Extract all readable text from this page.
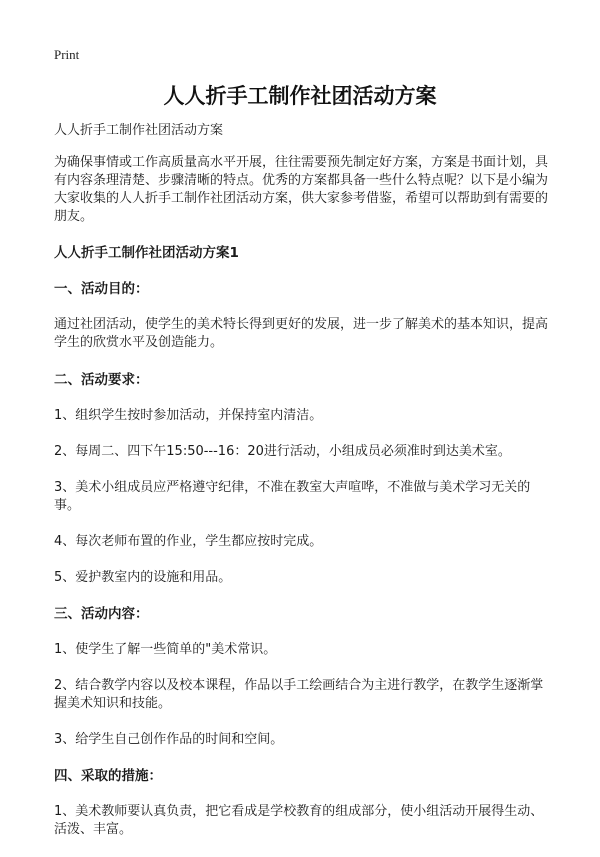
Print
人人折手工制作社团活动方案

人人折手工制作社团活动方案

为确保事情或工作高质量高水平开展，往往需要预先制定好方案，方案是书面计划，具有内容条理清楚、步骤清晰的特点。优秀的方案都具备一些什么特点呢？以下是小编为大家收集的人人折手工制作社团活动方案，供大家参考借鉴，希望可以帮助到有需要的朋友。

人人折手工制作社团活动方案1

一、活动目的：

通过社团活动，使学生的美术特长得到更好的发展，进一步了解美术的基本知识，提高学生的欣赏水平及创造能力。

二、活动要求：

1、组织学生按时参加活动，并保持室内清洁。

2、每周二、四下午15:50---16：20进行活动，小组成员必须准时到达美术室。

3、美术小组成员应严格遵守纪律，不准在教室大声喧哗，不准做与美术学习无关的事。

4、每次老师布置的作业，学生都应按时完成。

5、爱护教室内的设施和用品。

三、活动内容：

1、使学生了解一些简单的"美术常识。

2、结合教学内容以及校本课程，作品以手工绘画结合为主进行教学，在教学生逐渐掌握美术知识和技能。

3、给学生自己创作作品的时间和空间。

四、采取的措施：

1、美术教师要认真负责，把它看成是学校教育的组成部分，使小组活动开展得生动、活泼、丰富。
